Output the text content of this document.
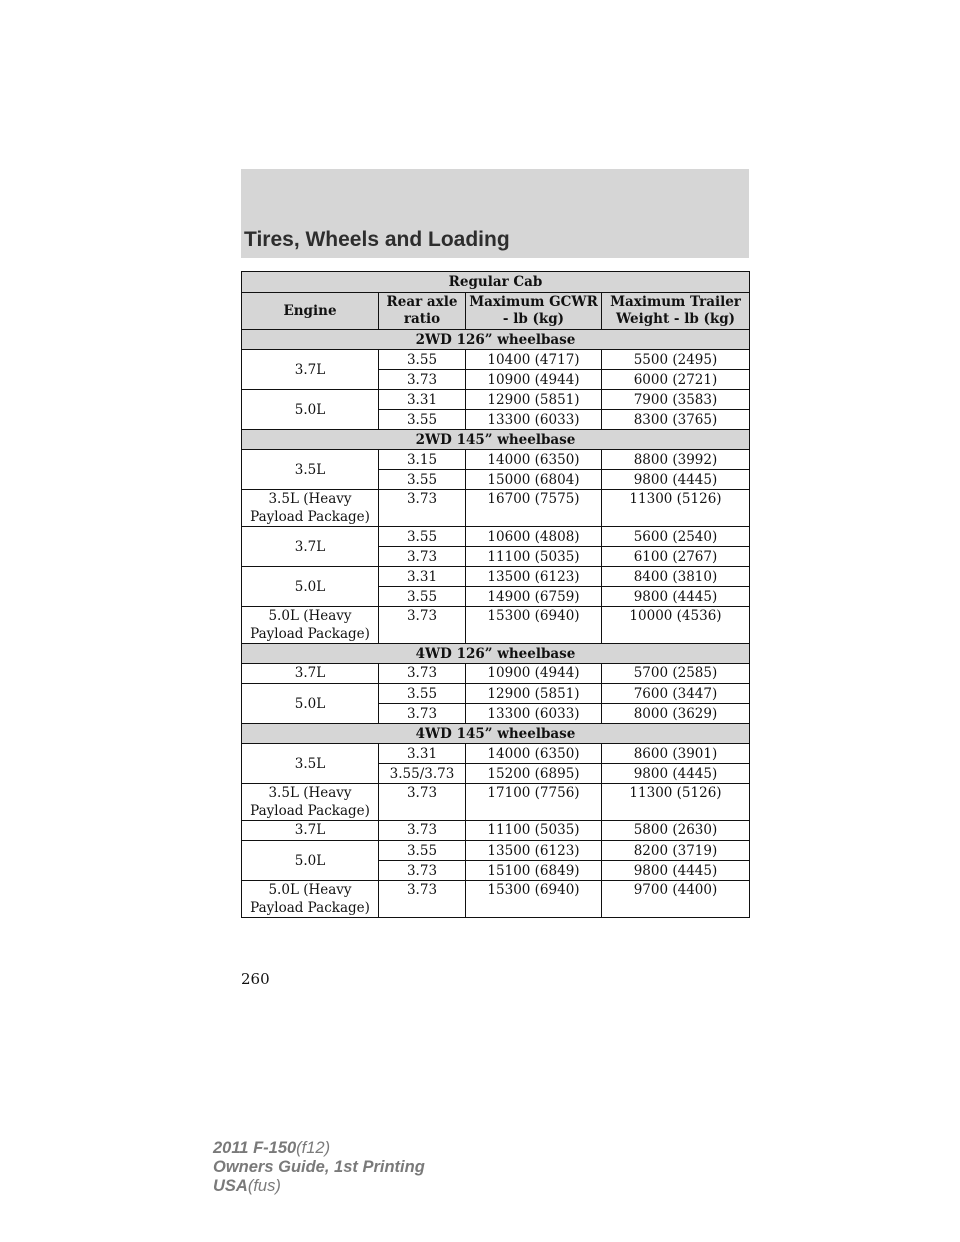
Tires, Wheels and Loading
Regular Cab			
Engine	Rear axle ratio	Maximum GCWR - lb (kg)	Maximum Trailer Weight - lb (kg)
2WD 126” wheelbase			
3.7L	3.55	10400 (4717)	5500 (2495)
	3.73	10900 (4944)	6000 (2721)
5.0L	3.31	12900 (5851)	7900 (3583)
	3.55	13300 (6033)	8300 (3765)
2WD 145” wheelbase			
3.5L	3.15	14000 (6350)	8800 (3992)
	3.55	15000 (6804)	9800 (4445)
3.5L (Heavy Payload Package)	3.73	16700 (7575)	11300 (5126)
3.7L	3.55	10600 (4808)	5600 (2540)
	3.73	11100 (5035)	6100 (2767)
5.0L	3.31	13500 (6123)	8400 (3810)
	3.55	14900 (6759)	9800 (4445)
5.0L (Heavy Payload Package)	3.73	15300 (6940)	10000 (4536)
4WD 126” wheelbase			
3.7L	3.73	10900 (4944)	5700 (2585)
5.0L	3.55	12900 (5851)	7600 (3447)
	3.73	13300 (6033)	8000 (3629)
4WD 145” wheelbase			
3.5L	3.31	14000 (6350)	8600 (3901)
	3.55/3.73	15200 (6895)	9800 (4445)
3.5L (Heavy Payload Package)	3.73	17100 (7756)	11300 (5126)
3.7L	3.73	11100 (5035)	5800 (2630)
5.0L	3.55	13500 (6123)	8200 (3719)
	3.73	15100 (6849)	9800 (4445)
5.0L (Heavy Payload Package)	3.73	15300 (6940)	9700 (4400)
260
2011 F-150(f12)
Owners Guide, 1st Printing
USA(fus)
